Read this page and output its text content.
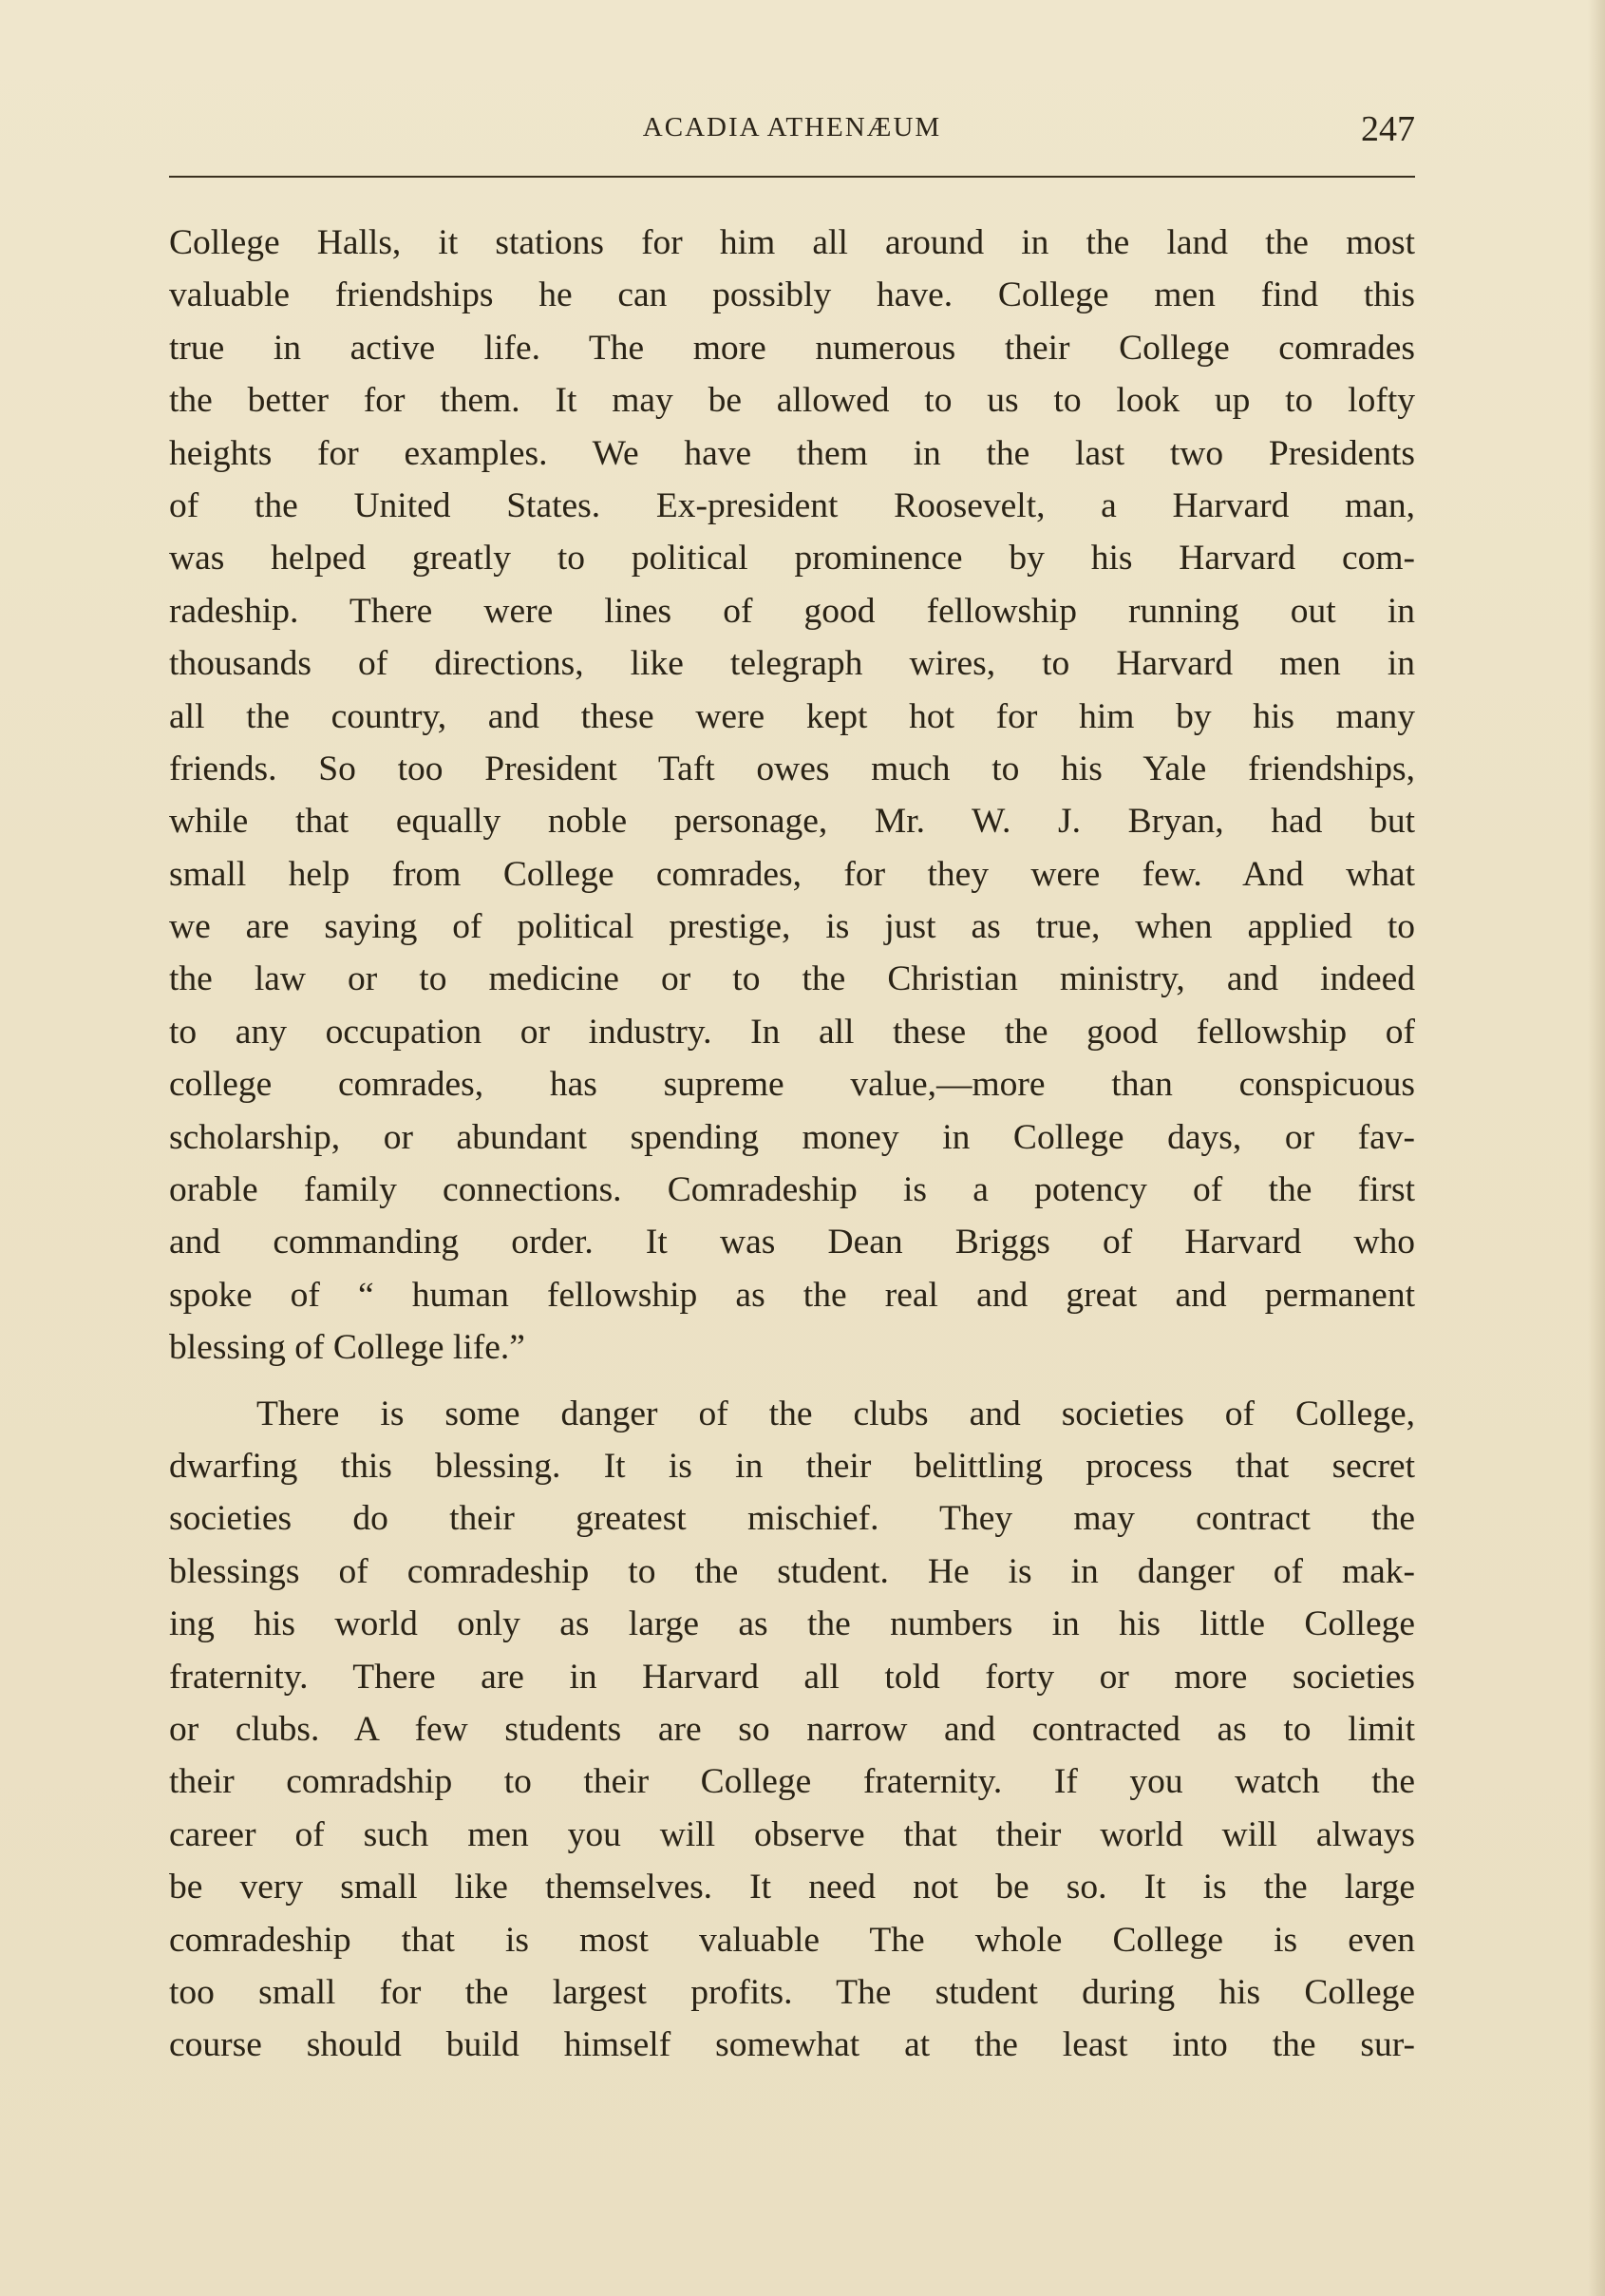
ACADIA ATHENÆUM	247
College Halls, it stations for him all around in the land the most
valuable friendships he can possibly have. College men find this
true in active life. The more numerous their College comrades
the better for them. It may be allowed to us to look up to lofty
heights for examples. We have them in the last two Presidents
of the United States. Ex-president Roosevelt, a Harvard man,
was helped greatly to political prominence by his Harvard com-
radeship. There were lines of good fellowship running out in
thousands of directions, like telegraph wires, to Harvard men in
all the country, and these were kept hot for him by his many
friends. So too President Taft owes much to his Yale friendships,
while that equally noble personage, Mr. W. J. Bryan, had but
small help from College comrades, for they were few. And what
we are saying of political prestige, is just as true, when applied to
the law or to medicine or to the Christian ministry, and indeed
to any occupation or industry. In all these the good fellowship of
college comrades, has supreme value,—more than conspicuous
scholarship, or abundant spending money in College days, or fav-
orable family connections. Comradeship is a potency of the first
and commanding order. It was Dean Briggs of Harvard who
spoke of “ human fellowship as the real and great and permanent
blessing of College life.”
There is some danger of the clubs and societies of College,
dwarfing this blessing. It is in their belittling process that secret
societies do their greatest mischief. They may contract the
blessings of comradeship to the student. He is in danger of mak-
ing his world only as large as the numbers in his little College
fraternity. There are in Harvard all told forty or more societies
or clubs. A few students are so narrow and contracted as to limit
their comradship to their College fraternity. If you watch the
career of such men you will observe that their world will always
be very small like themselves. It need not be so. It is the large
comradeship that is most valuable The whole College is even
too small for the largest profits. The student during his College
course should build himself somewhat at the least into the sur-
